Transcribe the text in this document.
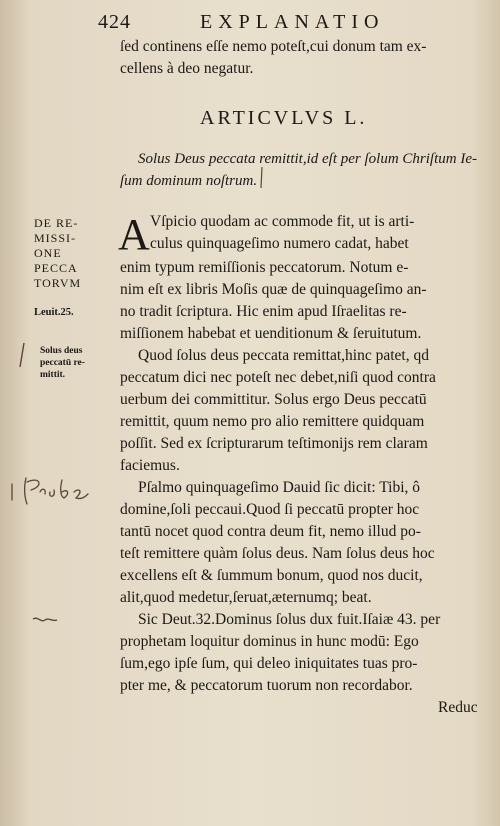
424	EXPLANATIO
ſed continens eſſe nemo poteſt,cui donum tam ex-
cellens à deo negatur.
ARTICVLVS L.
Solus Deus peccata remittit,id eſt per ſolum Chriſtum Ie-
ſum dominum noſtrum.
A Vſpicio quodam ac commode fit, ut is arti-
culus quinquageſimo numero cadat, habet
enim typum remiſſionis peccatorum. Notum e-
nim eſt ex libris Moſis quæ de quinquageſimo an-
no tradit ſcriptura. Hic enim apud Iſraelitas re-
miſſionem habebat et uenditionum & ſeruitutum.
Quod ſolus deus peccata remittat,hinc patet, qd
peccatum dici nec poteſt nec debet,niſi quod contra
uerbum dei committitur. Solus ergo Deus peccatū
remittit, quum nemo pro alio remittere quidquam
poſſit. Sed ex ſcripturarum teſtimonijs rem claram
faciemus.
Pſalmo quinquageſimo Dauid ſic dicit: Tibi, ô
domine,ſoli peccaui.Quod ſi peccatū propter hoc
tantū nocet quod contra deum fit, nemo illud po-
teſt remittere quàm ſolus deus. Nam ſolus deus hoc
excellens eſt & ſummum bonum, quod nos ducit,
alit,quod medetur,ſeruat,æternumq; beat.
Sic Deut.32.Dominus ſolus dux fuit.Iſaiæ 43. per
prophetam loquitur dominus in hunc modū: Ego
ſum,ego ipſe ſum, qui deleo iniquitates tuas pro-
pter me, & peccatorum tuorum non recordabor.
Reduc
DE RE-
MISSI-
ONE
PECCA
TORVM
Leuit.25.
Solus deus
peccatū re-
mittit.
